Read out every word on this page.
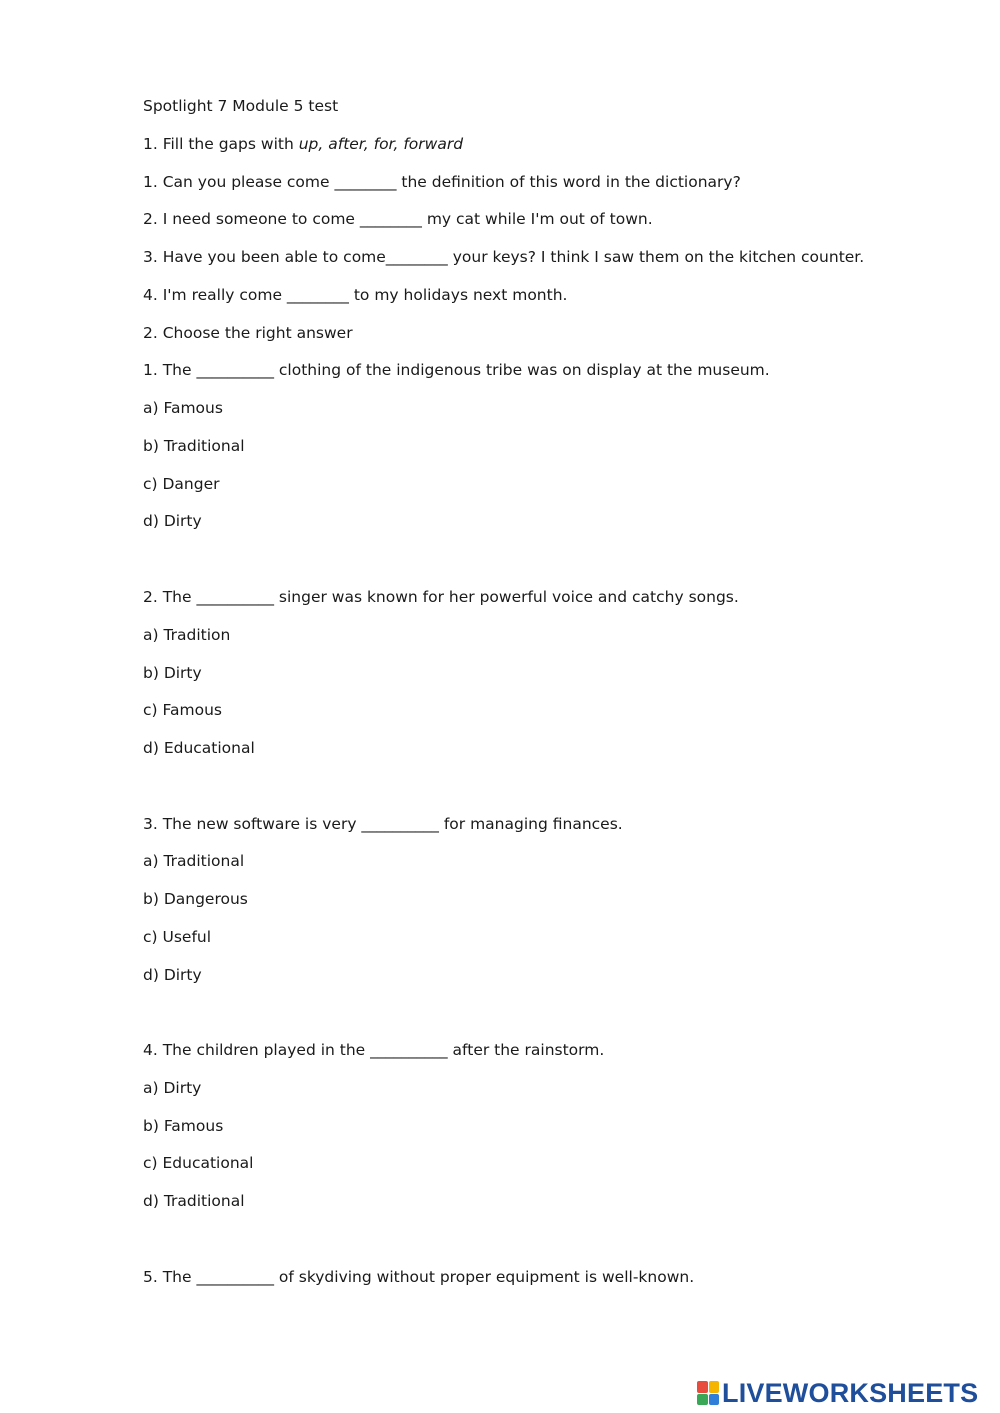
Spotlight 7 Module 5 test
1. Fill the gaps with up, after, for, forward
1. Can you please come ________ the definition of this word in the dictionary?
2. I need someone to come ________ my cat while I'm out of town.
3. Have you been able to come________ your keys? I think I saw them on the kitchen counter.
4. I'm really come ________ to my holidays next month.
2. Choose the right answer
1. The __________ clothing of the indigenous tribe was on display at the museum.
a) Famous
b) Traditional
c) Danger
d) Dirty
2. The __________ singer was known for her powerful voice and catchy songs.
a) Tradition
b) Dirty
c) Famous
d) Educational
3. The new software is very __________ for managing finances.
a) Traditional
b) Dangerous
c) Useful
d) Dirty
4. The children played in the __________ after the rainstorm.
a) Dirty
b) Famous
c) Educational
d) Traditional
5. The __________ of skydiving without proper equipment is well-known.
LIVEWORKSHEETS
